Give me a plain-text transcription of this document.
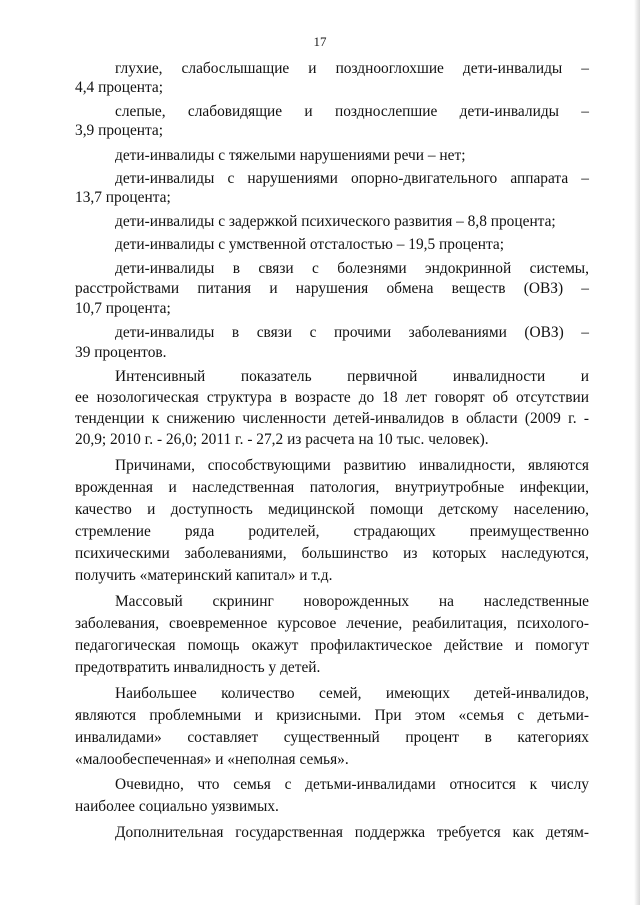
17
глухие, слабослышащие и позднооглохшие дети-инвалиды –
4,4 процента;
слепые, слабовидящие и позднослепшие дети-инвалиды –
3,9 процента;
дети-инвалиды с тяжелыми нарушениями речи – нет;
дети-инвалиды с нарушениями опорно-двигательного аппарата –
13,7 процента;
дети-инвалиды с задержкой психического развития – 8,8 процента;
дети-инвалиды с умственной отсталостью – 19,5 процента;
дети-инвалиды в связи с болезнями эндокринной системы,
расстройствами питания и нарушения обмена веществ (ОВЗ) –
10,7 процента;
дети-инвалиды в связи с прочими заболеваниями (ОВЗ) –
39 процентов.
Интенсивный показатель первичной инвалидности и
ее нозологическая структура в возрасте до 18 лет говорят об отсутствии
тенденции к снижению численности детей-инвалидов в области (2009 г. -
20,9; 2010 г. - 26,0; 2011 г. - 27,2 из расчета на 10 тыс. человек).
Причинами, способствующими развитию инвалидности, являются
врожденная и наследственная патология, внутриутробные инфекции,
качество и доступность медицинской помощи детскому населению,
стремление ряда родителей, страдающих преимущественно
психическими заболеваниями, большинство из которых наследуются,
получить «материнский капитал» и т.д.
Массовый скрининг новорожденных на наследственные
заболевания, своевременное курсовое лечение, реабилитация, психолого-
педагогическая помощь окажут профилактическое действие и помогут
предотвратить инвалидность у детей.
Наибольшее количество семей, имеющих детей-инвалидов,
являются проблемными и кризисными. При этом «семья с детьми-
инвалидами» составляет существенный процент в категориях
«малообеспеченная» и «неполная семья».
Очевидно, что семья с детьми-инвалидами относится к числу
наиболее социально уязвимых.
Дополнительная государственная поддержка требуется как детям-
